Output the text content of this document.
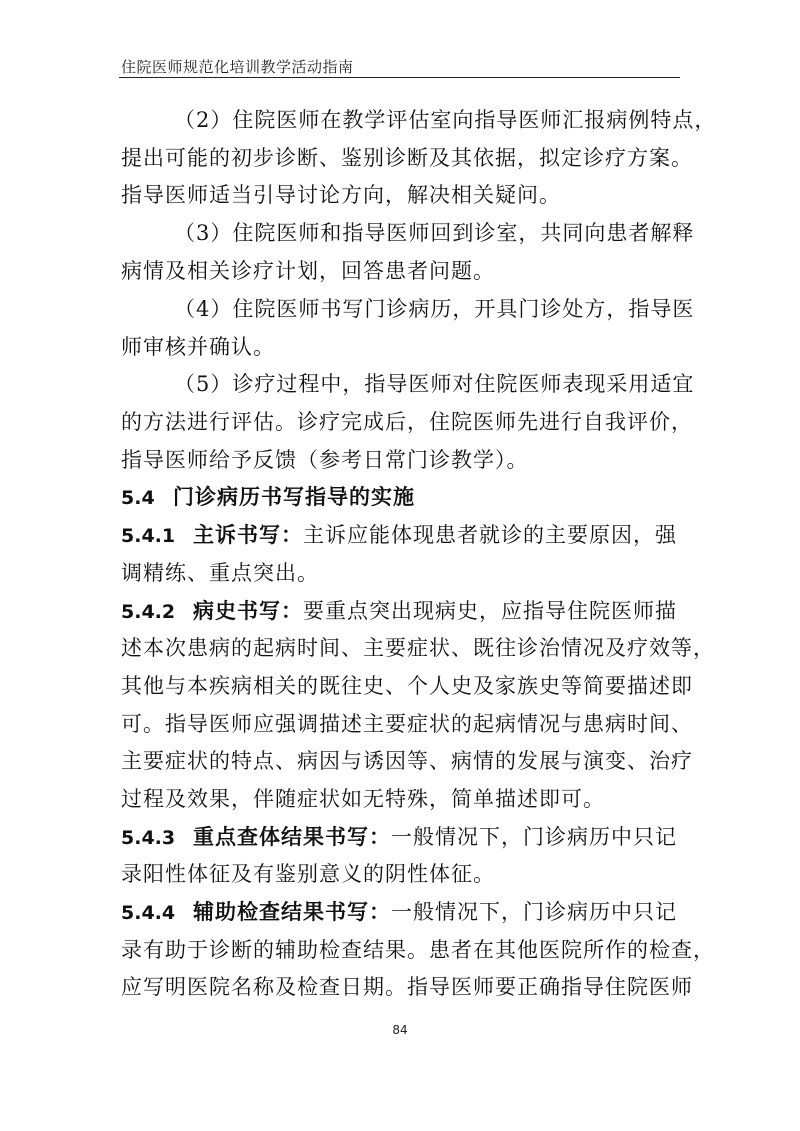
住院医师规范化培训教学活动指南
（2）住院医师在教学评估室向指导医师汇报病例特点，
提出可能的初步诊断、鉴别诊断及其依据，拟定诊疗方案。
指导医师适当引导讨论方向，解决相关疑问。
（3）住院医师和指导医师回到诊室，共同向患者解释
病情及相关诊疗计划，回答患者问题。
（4）住院医师书写门诊病历，开具门诊处方，指导医
师审核并确认。
（5）诊疗过程中，指导医师对住院医师表现采用适宜
的方法进行评估。诊疗完成后，住院医师先进行自我评价，
指导医师给予反馈（参考日常门诊教学）。
5.4 门诊病历书写指导的实施
5.4.1 主诉书写：主诉应能体现患者就诊的主要原因，强
调精练、重点突出。
5.4.2 病史书写：要重点突出现病史，应指导住院医师描
述本次患病的起病时间、主要症状、既往诊治情况及疗效等，
其他与本疾病相关的既往史、个人史及家族史等简要描述即
可。指导医师应强调描述主要症状的起病情况与患病时间、
主要症状的特点、病因与诱因等、病情的发展与演变、治疗
过程及效果，伴随症状如无特殊，简单描述即可。
5.4.3 重点查体结果书写：一般情况下，门诊病历中只记
录阳性体征及有鉴别意义的阴性体征。
5.4.4 辅助检查结果书写：一般情况下，门诊病历中只记
录有助于诊断的辅助检查结果。患者在其他医院所作的检查，
应写明医院名称及检查日期。指导医师要正确指导住院医师
84
